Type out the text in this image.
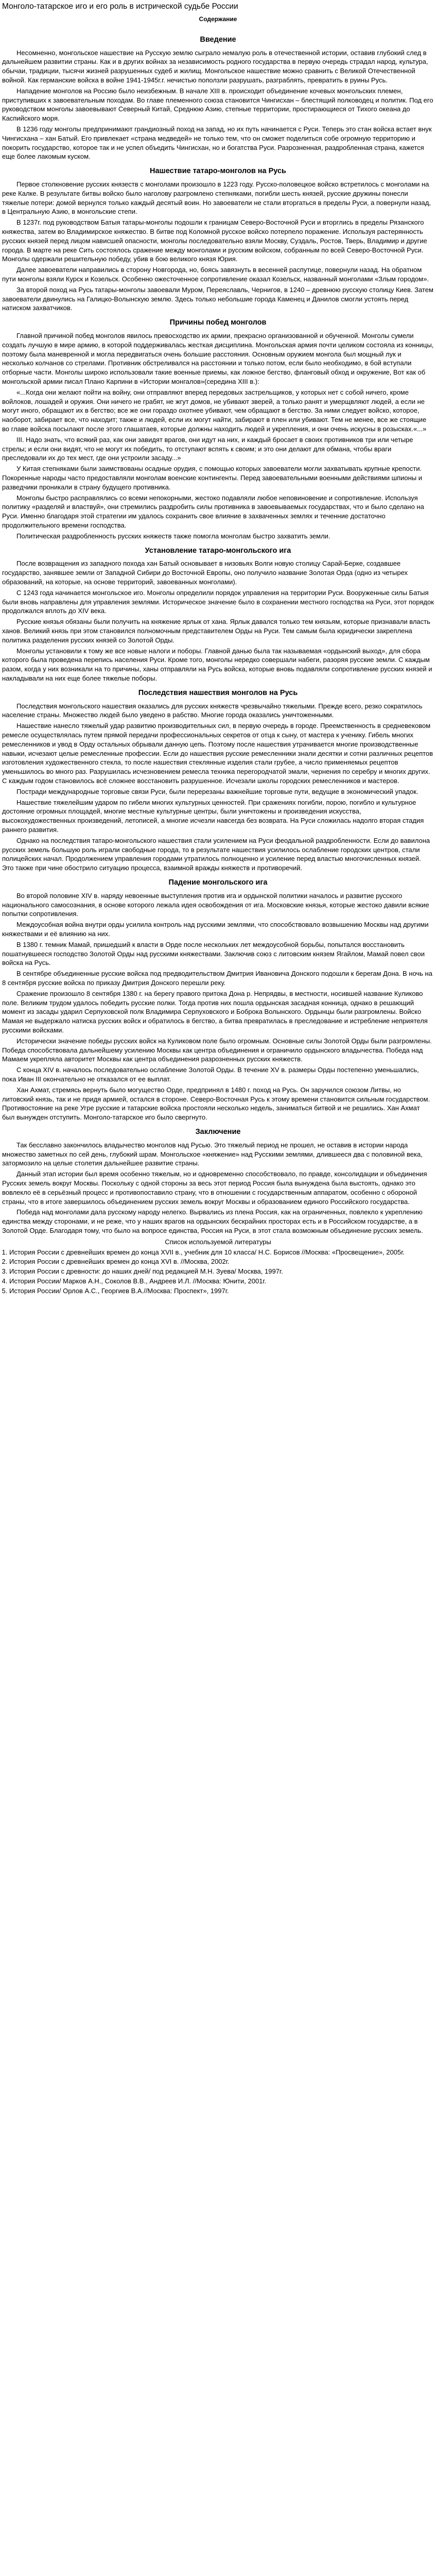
Монголо-татарское иго и его роль в истрической судьбе России
Содержание
Введение

Несомненно, монгольское нашествие на Русскую землю сыграло немалую роль в отечественной истории, оставив глубокий след в дальнейшем развитии страны. Как и в других войнах за независимость родного государства в первую очередь страдал народ, культура, обычаи, традиции, тысячи жизней разрушенных судеб и жилищ. Монгольское нашествие можно сравнить с Великой Отечественной войной. Как германские войска в войне 1941-1945г.г. нечистью поползли разрушать, разграблять, превратить в руины Русь.

Нападение монголов на Россию было неизбежным. В начале XIII в. происходит объединение кочевых монгольских племен, приступивших к завоевательным походам. Во главе племенного союза становится Чингисхан – блестящий полководец и политик. Под его руководством монголы завоевывают Северный Китай, Среднюю Азию, степные территории, простирающиеся от Тихого океана до Каспийского моря.

В 1236 году монголы предпринимают грандиозный поход на запад, но их путь начинается с Руси. Теперь это стан войска встает внук Чингисхана – хан Батый. Его привлекает «страна медведей» не только тем, что он сможет поделиться собе огромную территорию и покорить государство, которое так и не успел объедить Чингисхан, но и богатства Руси. Разрозненная, раздробленная страна, кажется еще более лакомым куском.

Нашествие татаро-монголов на Русь

Первое столкновение русских князеств с монголами произошло в 1223 году. Русско-половецкое войско встретилось с монголами на реке Калке. В результате битвы войско было наголову разгромлено степняками, погибли шесть князей, русские дружины понесли тяжелые потери: домой вернулся только каждый десятый воин. Но завоеватели не стали вторгаться в пределы Руси, а повернули назад, в Центральную Азию, в монгольские степи.

В 1237г. под руководством Батыя татары-монголы подошли к границам Северо-Восточной Руси и вторглись в пределы Рязанского княжества, затем во Владимирское княжество. В битве под Коломной русское войско потерпело поражение. Используя растерянность русских князей перед лицом нависшей опасности, монголы последовательно взяли Москву, Суздаль, Ростов, Тверь, Владимир и другие города. В марте на реке Сить состоялось сражение между монголами и русским войском, собранным по всей Северо-Восточной Руси. Монголы одержали решительную победу, убив в бою великого князя Юрия.

Далее завоеватели направились в сторону Новгорода, но, боясь завязнуть в весенней распутице, повернули назад. На обратном пути монголы взяли Курск и Козельск. Особенно ожесточенное сопротивление оказал Козельск, названный монголами «Злым городом».

За второй поход на Русь татары-монголы завоевали Муром, Переяславль, Чернигов, в 1240 – древнюю русскую столицу Киев. Затем завоеватели двинулись на Галицко-Волынскую землю. Здесь только небольшие города Каменец и Данилов смогли устоять перед натиском захватчиков.

Причины побед монголов

Главной причиной побед монголов явилось превосходство их армии, прекрасно организованной и обученной. Монголы сумели создать лучшую в мире армию, в которой поддерживалась жесткая дисциплина. Монгольская армия почти целиком состояла из конницы, поэтому была маневренной и могла передвигаться очень большие расстояния. Основным оружием монгола был мощный лук и несколько колчанов со стрелами. Противник обстреливался на расстоянии и только потом, если было необходимо, в бой вступали отборные части. Монголы широко использовали такие военные приемы, как ложное бегство, фланговый обход и окружение, Вот как об монгольской армии писал Плано Карпини в «Истории монгалов»(середина XIII в.):

«...Когда они желают пойти на войну, они отправляют вперед передовых застрельщиков, у которых нет с собой ничего, кроме войлоков, лошадей и оружия. Они ничего не грабят, не жгут домов, не убивают зверей, а только ранят и умерщвляют людей, а если не могут иного, обращают их в бегство; все же они гораздо охотнее убивают, чем обращают в бегство. За ними следует войско, которое, наоборот, забирает все, что находит; также и людей, если их могут найти, забирают в плен или убивают. Тем не менее, все же стоящие во главе войска посылают после этого глашатаев, которые должны находить людей и укрепления, и они очень искусны в розысках.«...»

III. Надо знать, что всякий раз, как они завидят врагов, они идут на них, и каждый бросает в своих противников три или четыре стрелы; и если они видят, что не могут их победить, то отступают вспять к своим; и это они делают для обмана, чтобы враги преследовали их до тех мест, где они устроили засаду...»

У Китая степняками были заимствованы осадные орудия, с помощью которых завоеватели могли захватывать крупные крепости. Покоренные народы часто предоставляли монголам военские контингенты. Перед завоевательными военными действиями шпионы и разведчики проникали в страну будущего противника.

Монголы быстро расправлялись со всеми непокорными, жестоко подавляли любое неповиновение и сопротивление. Используя политику «разделяй и властвуй», они стремились раздробить силы противника в завоевываемых государствах, что и было сделано на Руси. Именно благодаря этой стратегии им удалось сохранить свое влияние в захваченных землях и теченние достаточно продолжительного времени господства.

Политическая раздробленность русских княжеств также помогла монголам быстро захватить земли.

Установление татаро-монгольского ига

После возвращения из западного похода хан Батый основывает в низовьях Волги новую столицу Сарай-Берке, создавшее государство, занявшее земли от Западной Сибири до Восточной Европы, оно получило название Золотая Орда (одно из четырех образований, на которые, на основе территорий, завоеванных монголами).

С 1243 года начинается монгольское иго. Монголы определили порядок управления на территории Руси. Вооруженные силы Батыя были вновь направлены для управления землями. Историческое значение было в сохранении местного господства на Руси, этот порядок продолжался вплоть до XIV века.

Русские князья обязаны были получить на княжение ярлык от хана. Ярлык давался только тем князьям, которые признавали власть ханов. Великий князь при этом становился полномочным представителем Орды на Руси. Тем самым была юридически закреплена политика разделения русских князей со Золотой Орды.

Монголы установили к тому же все новые налоги и поборы. Главной данью была так называемая «ордынский выход», для сбора которого была проведена перепись населения Руси. Кроме того, монголы нередко совершали набеги, разоряя русские земли. С каждым разом, когда у них возникали на то причины, ханы отправляли на Русь войска, которые вновь подавляли сопротивление русских князей и накладывали на них еще более тяжелые поборы.

Последствия нашествия монголов на Русь

Последствия монгольского нашествия оказались для русских княжеств чрезвычайно тяжелыми. Прежде всего, резко сократилось население страны. Множество людей было уведено в рабство. Многие города оказались уничтоженными.

Нашествие нанесло тяжелый удар развитию производительных сил, в первую очередь в городе. Преемственность в средневековом ремесле осуществлялась путем прямой передачи профессиональных секретов от отца к сыну, от мастера к ученику. Гибель многих ремесленников и увод в Орду остальных обрывали данную цепь. Поэтому после нашествия утрачивается многие производственные навыки, исчезают целые ремесленные профессии. Если до нашествия русские ремесленники знали десятки и сотни различных рецептов изготовления художественного стекла, то после нашествия стеклянные изделия стали грубее, а число применяемых рецептов уменьшилось во много раз. Разрушилась исчезновением ремесла техника перегородчатой эмали, чернения по серебру и многих других. С каждым годом становилось всё сложнее восстановить разрушенное. Исчезали школы городских ремесленников и мастеров.

Постради международные торговые связи Руси, были перерезаны важнейшие торговые пути, ведущие в экономический упадок.

Нашествие тяжелейшим ударом по гибели многих культурных ценностей. При сражениях погибли, порою, погибло и культурное достояние огромных площадей, многие местные культурные центры, были уничтожены и произведения искусства, высокохудожественных произведений, летописей, а многие исчезли навсегда без возврата. На Руси сложилась надолго вторая стадия раннего развития.

Однако на последствия татаро-монгольского нашествия стали усилением на Руси феодальной раздробленности. Если до вавилона русских земель большую роль играли свободные города, то в результате нашествия усилилось ослабление городских центров, стали полицейских начал. Продолжением управления городами утратилось полноценно и усиление перед властью многочисленных князей. Это также при чине обострило ситуацию процесса, взаимной вражды княжеств и противоречий.

Падение монгольского ига

Во второй половине XIV в. наряду невоенные выступления против ига и ордынской политики началось и развитие русского национального самосознания, в основе которого лежала идея освобождения от ига. Московские князья, которые жестоко давили всякие попытки сопротивления.

Междоусобная война внутри орды усилила контроль над русскими землями, что способствовало возвышению Москвы над другими княжествами и её влиянию на них.

В 1380 г. темник Мамай, пришедший к власти в Орде после нескольких лет междоусобной борьбы, попытался восстановить пошатнувшееся господство Золотой Орды над русскими княжествами. Заключив союз с литовским князем Ягайлом, Мамай повел свои войска на Русь.

В сентябре объединенные русские войска под предводительством Дмитрия Ивановича Донского подошли к берегам Дона. В ночь на 8 сентября русские войска по приказу Дмитрия Донского перешли реку.

Сражение произошло 8 сентября 1380 г. на берегу правого притока Дона р. Непрядвы, в местности, носившей название Куликово поле. Великим трудом удалось победить русские полки. Тогда против них пошла ордынская засадная конница, однако в решающий момент из засады ударил Серпуховской полк Владимира Серпуховского и Боброка Волынского. Ордынцы были разгромлены. Войско Мамая не выдержало натиска русских войск и обратилось в бегство, а битва превратилась в преследование и истребление неприятеля русскими войсками.

Исторически значение победы русских войск на Куликовом поле было огромным. Основные силы Золотой Орды были разгромлены. Победа способствовала дальнейшему усилению Москвы как центра объединения и ограничило ордынского владычества. Победа над Мамаем укрепляла авторитет Москвы как центра объединения разрозненных русских княжеств.

С конца XIV в. началось последовательно ослабление Золотой Орды. В течение XV в. размеры Орды постепенно уменьшались, пока Иван III окончательно не отказался от ее выплат.

Хан Ахмат, стремясь вернуть было могущество Орде, предпринял в 1480 г. поход на Русь. Он заручился союзом Литвы, но литовский князь, так и не придя армией, остался в стороне. Северо-Восточная Русь к этому времени становится сильным государством. Противостояние на реке Угре русские и татарские войска простояли несколько недель, заниматься битвой и не решились. Хан Ахмат был вынужден отступить. Монголо-татарское иго было свергнуто.

Заключение

Так бесславно закончилось владычество монголов над Русью. Это тяжелый период не прошел, не оставив в истории народа множество заметных по сей день, глубокий шрам. Монгольское «княжение» над Русскими землями, длившееся два с половиной века, затормозило на целые столетия дальнейшее развитие страны.

Данный этап истории был время особенно тяжелым, но и одновременно способствовало, по правде, консолидации и объединения Русских земель вокруг Москвы. Поскольку с одной стороны за весь этот период Россия была вынуждена была выстоять, однако это вовлекло её в серьёзный процесс и противопоставило страну, что в отношении с государственным аппаратом, особенно с обороной страны, что в итоге завершилось объединением русских земель вокруг Москвы и образованием единого Российского государства.

Победа над монголами дала русскому народу нелегко. Вырвались из плена Россия, как на ограниченных, повлекло к укреплению единства между сторонами, и не реже, что у наших врагов на ордынских бескрайних просторах есть и в Российском государстве, а в Золотой Орде. Благодаря тому, что было на вопросе единства, Россия на Руси, в этот стала возможным объединение русских земель.

Список используемой литературы
1. История России с древнейших времен до конца XVII в., учебник для 10 класса/ Н.С. Борисов //Москва: «Просвещение», 2005г.
2. История России с древнейших времен до конца XVI в. //Москва, 2002г.
3. История России с древности: до наших дней/ под редакцией М.Н. Зуева/ Москва, 1997г.
4. История России/ Марков А.Н., Соколов В.В., Андреев И.Л. //Москва: Юнити, 2001г.
5. История России/ Орлов А.С., Георгиев В.А.//Москва: Проспект», 1997г.
